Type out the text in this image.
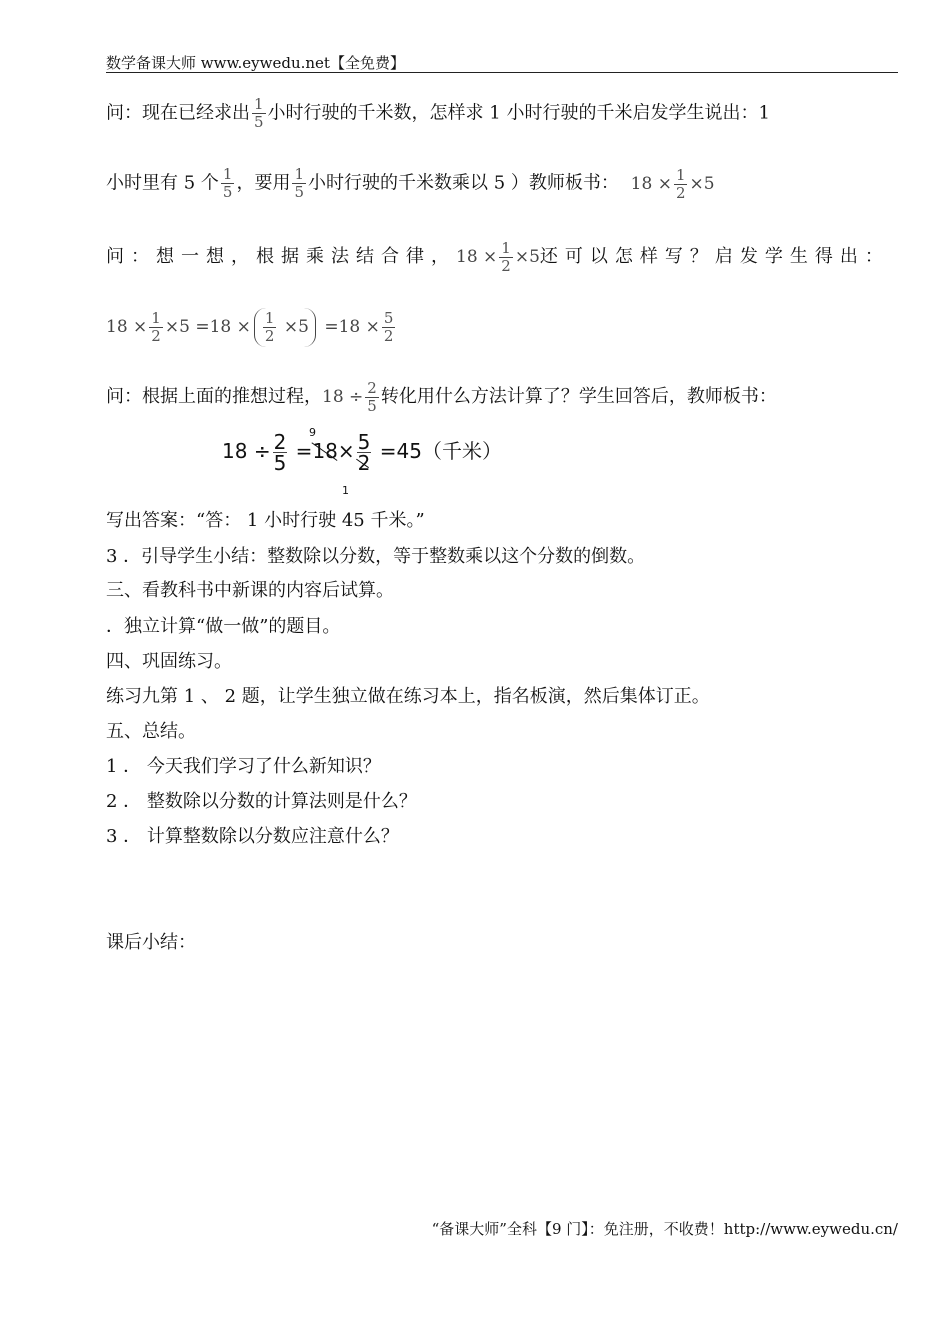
数学备课大师 www.eywedu.net【全免费】
问：现在已经求出 $\frac{1}{5}$ 小时行驶的千米数，怎样求 1 小时行驶的千米启发学生说出：1
小时里有 5 个 $\frac{1}{5}$ ，要用 $\frac{1}{5}$ 小时行驶的千米数乘以 5 ）教师板书： $18 \times \frac{1}{2} \times 5$
问：想一想，根据乘法结合律，$18 \times \frac{1}{2} \times 5$还可以怎样写？启发学生得出：
$18 \times \frac{1}{2} \times 5 =18 \times \frac{1}{2} \times 5 =18 \times \frac{5}{2}$
问：根据上面的推想过程，$18 \div \frac{2}{5}$ 转化用什么方法计算了？学生回答后，教师板书：
$18 \div \frac{2}{5} =18\times \frac{5}{2} =45$（千米）
9
1
写出答案：“答： 1 小时行驶 45 千米。”
3 ．引导学生小结：整数除以分数，等于整数乘以这个分数的倒数。
三、看教科书中新课的内容后试算。
．独立计算“做一做”的题目。
四、巩固练习。
练习九第 1 、 2 题，让学生独立做在练习本上，指名板演，然后集体订正。
五、总结。
1 ． 今天我们学习了什么新知识？
2 ． 整数除以分数的计算法则是什么？
3 ． 计算整数除以分数应注意什么？
课后小结：
“备课大师”全科【9 门】：免注册，不收费！http://www.eywedu.cn/
